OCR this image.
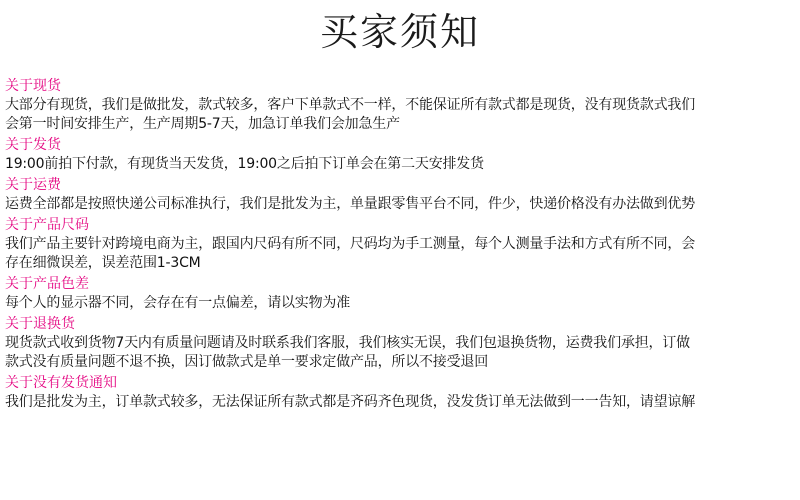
买家须知
关于现货
大部分有现货，我们是做批发，款式较多，客户下单款式不一样，不能保证所有款式都是现货，没有现货款式我们
会第一时间安排生产，生产周期5-7天，加急订单我们会加急生产
关于发货
19:00前拍下付款，有现货当天发货，19:00之后拍下订单会在第二天安排发货
关于运费
运费全部都是按照快递公司标准执行，我们是批发为主，单量跟零售平台不同，件少，快递价格没有办法做到优势
关于产品尺码
我们产品主要针对跨境电商为主，跟国内尺码有所不同，尺码均为手工测量，每个人测量手法和方式有所不同，会
存在细微误差，误差范围1-3CM
关于产品色差
每个人的显示器不同，会存在有一点偏差，请以实物为准
关于退换货
现货款式收到货物7天内有质量问题请及时联系我们客服，我们核实无误，我们包退换货物，运费我们承担，订做
款式没有质量问题不退不换，因订做款式是单一要求定做产品，所以不接受退回
关于没有发货通知
我们是批发为主，订单款式较多，无法保证所有款式都是齐码齐色现货，没发货订单无法做到一一告知，请望谅解
